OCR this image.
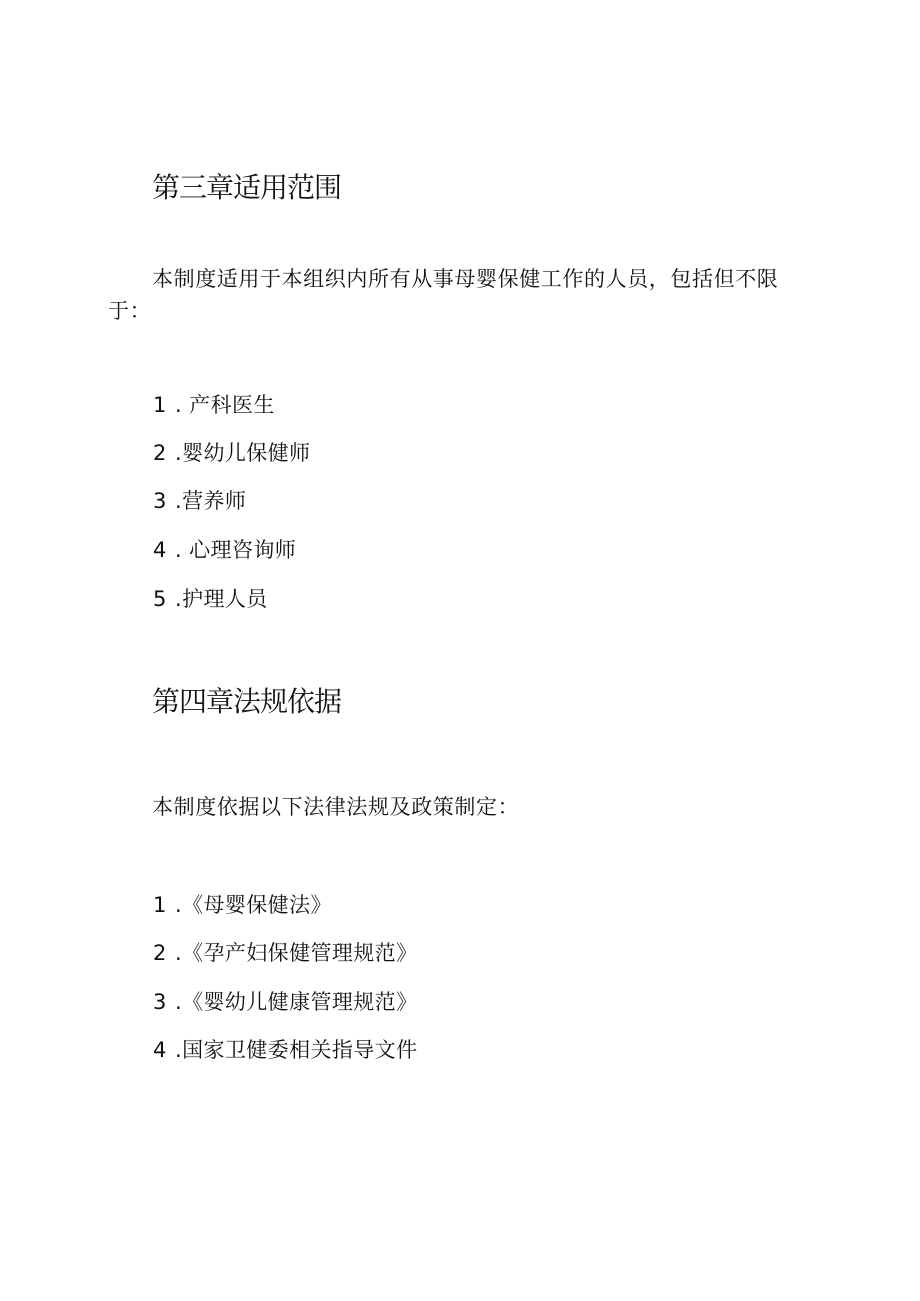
第三章适用范围

本制度适用于本组织内所有从事母婴保健工作的人员，包括但不限于：

1 . 产科医生

2 .婴幼儿保健师

3 .营养师

4 . 心理咨询师

5 .护理人员

第四章法规依据

本制度依据以下法律法规及政策制定：

1 .《母婴保健法》

2 .《孕产妇保健管理规范》

3 .《婴幼儿健康管理规范》

4 .国家卫健委相关指导文件
